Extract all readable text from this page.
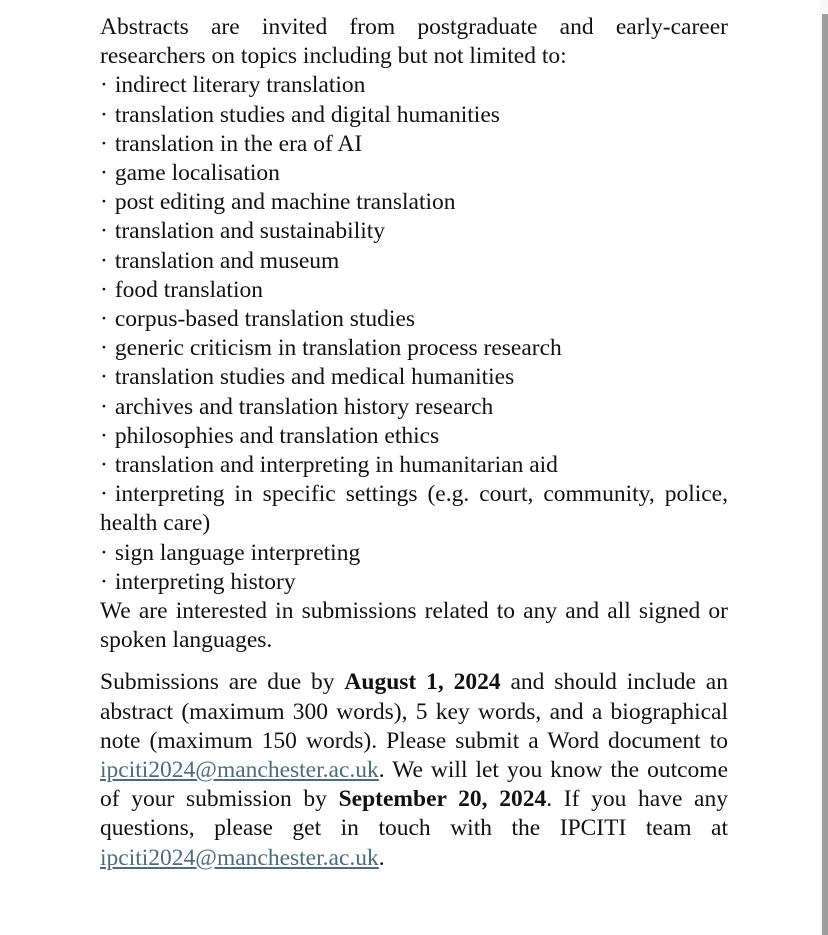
Abstracts are invited from postgraduate and early-career researchers on topics including but not limited to:

· indirect literary translation
· translation studies and digital humanities
· translation in the era of AI
· game localisation
· post editing and machine translation
· translation and sustainability
· translation and museum
· food translation
· corpus-based translation studies
· generic criticism in translation process research
· translation studies and medical humanities
· archives and translation history research
· philosophies and translation ethics
· translation and interpreting in humanitarian aid
· interpreting in specific settings (e.g. court, community, police, health care)
· sign language interpreting
· interpreting history

We are interested in submissions related to any and all signed or spoken languages.

Submissions are due by August 1, 2024 and should include an abstract (maximum 300 words), 5 key words, and a biographical note (maximum 150 words). Please submit a Word document to ipciti2024@manchester.ac.uk. We will let you know the outcome of your submission by September 20, 2024. If you have any questions, please get in touch with the IPCITI team at ipciti2024@manchester.ac.uk.
